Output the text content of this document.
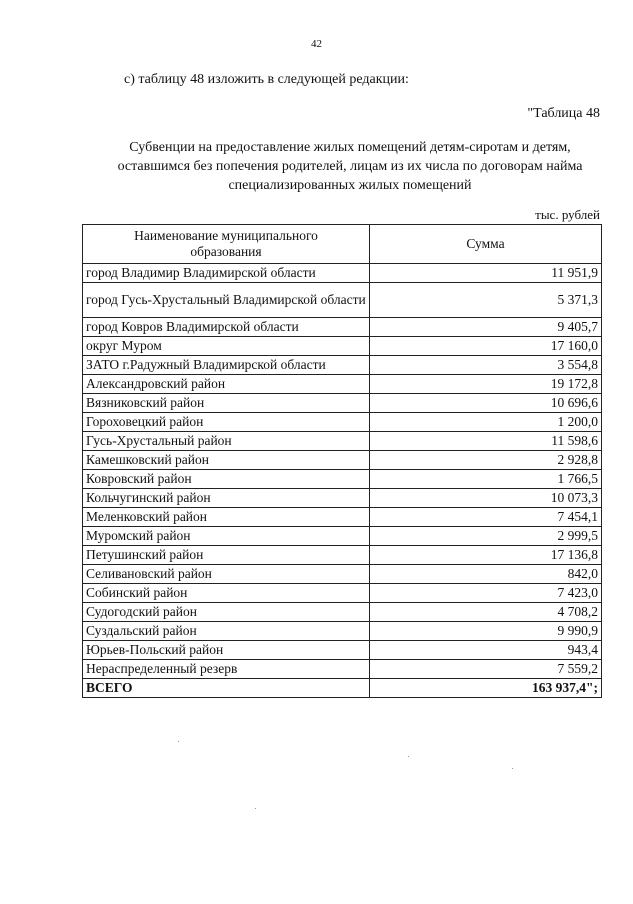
42
с) таблицу 48 изложить в следующей редакции:
"Таблица 48
Субвенции на предоставление жилых помещений детям-сиротам и детям,
оставшимся без попечения родителей, лицам из их числа по договорам найма
специализированных жилых помещений
тыс. рублей
Наименование муниципального
образования	Сумма
город Владимир Владимирской области	11 951,9
город Гусь-Хрустальный Владимирской области	5 371,3
город Ковров Владимирской области	9 405,7
округ Муром	17 160,0
ЗАТО г.Радужный Владимирской области	3 554,8
Александровский район	19 172,8
Вязниковский район	10 696,6
Гороховецкий район	1 200,0
Гусь-Хрустальный район	11 598,6
Камешковский район	2 928,8
Ковровский район	1 766,5
Кольчугинский район	10 073,3
Меленковский район	7 454,1
Муромский район	2 999,5
Петушинский район	17 136,8
Селивановский район	842,0
Собинский район	7 423,0
Судогодский район	4 708,2
Суздальский район	9 990,9
Юрьев-Польский район	943,4
Нераспределенный резерв	7 559,2
ВСЕГО	163 937,4";
